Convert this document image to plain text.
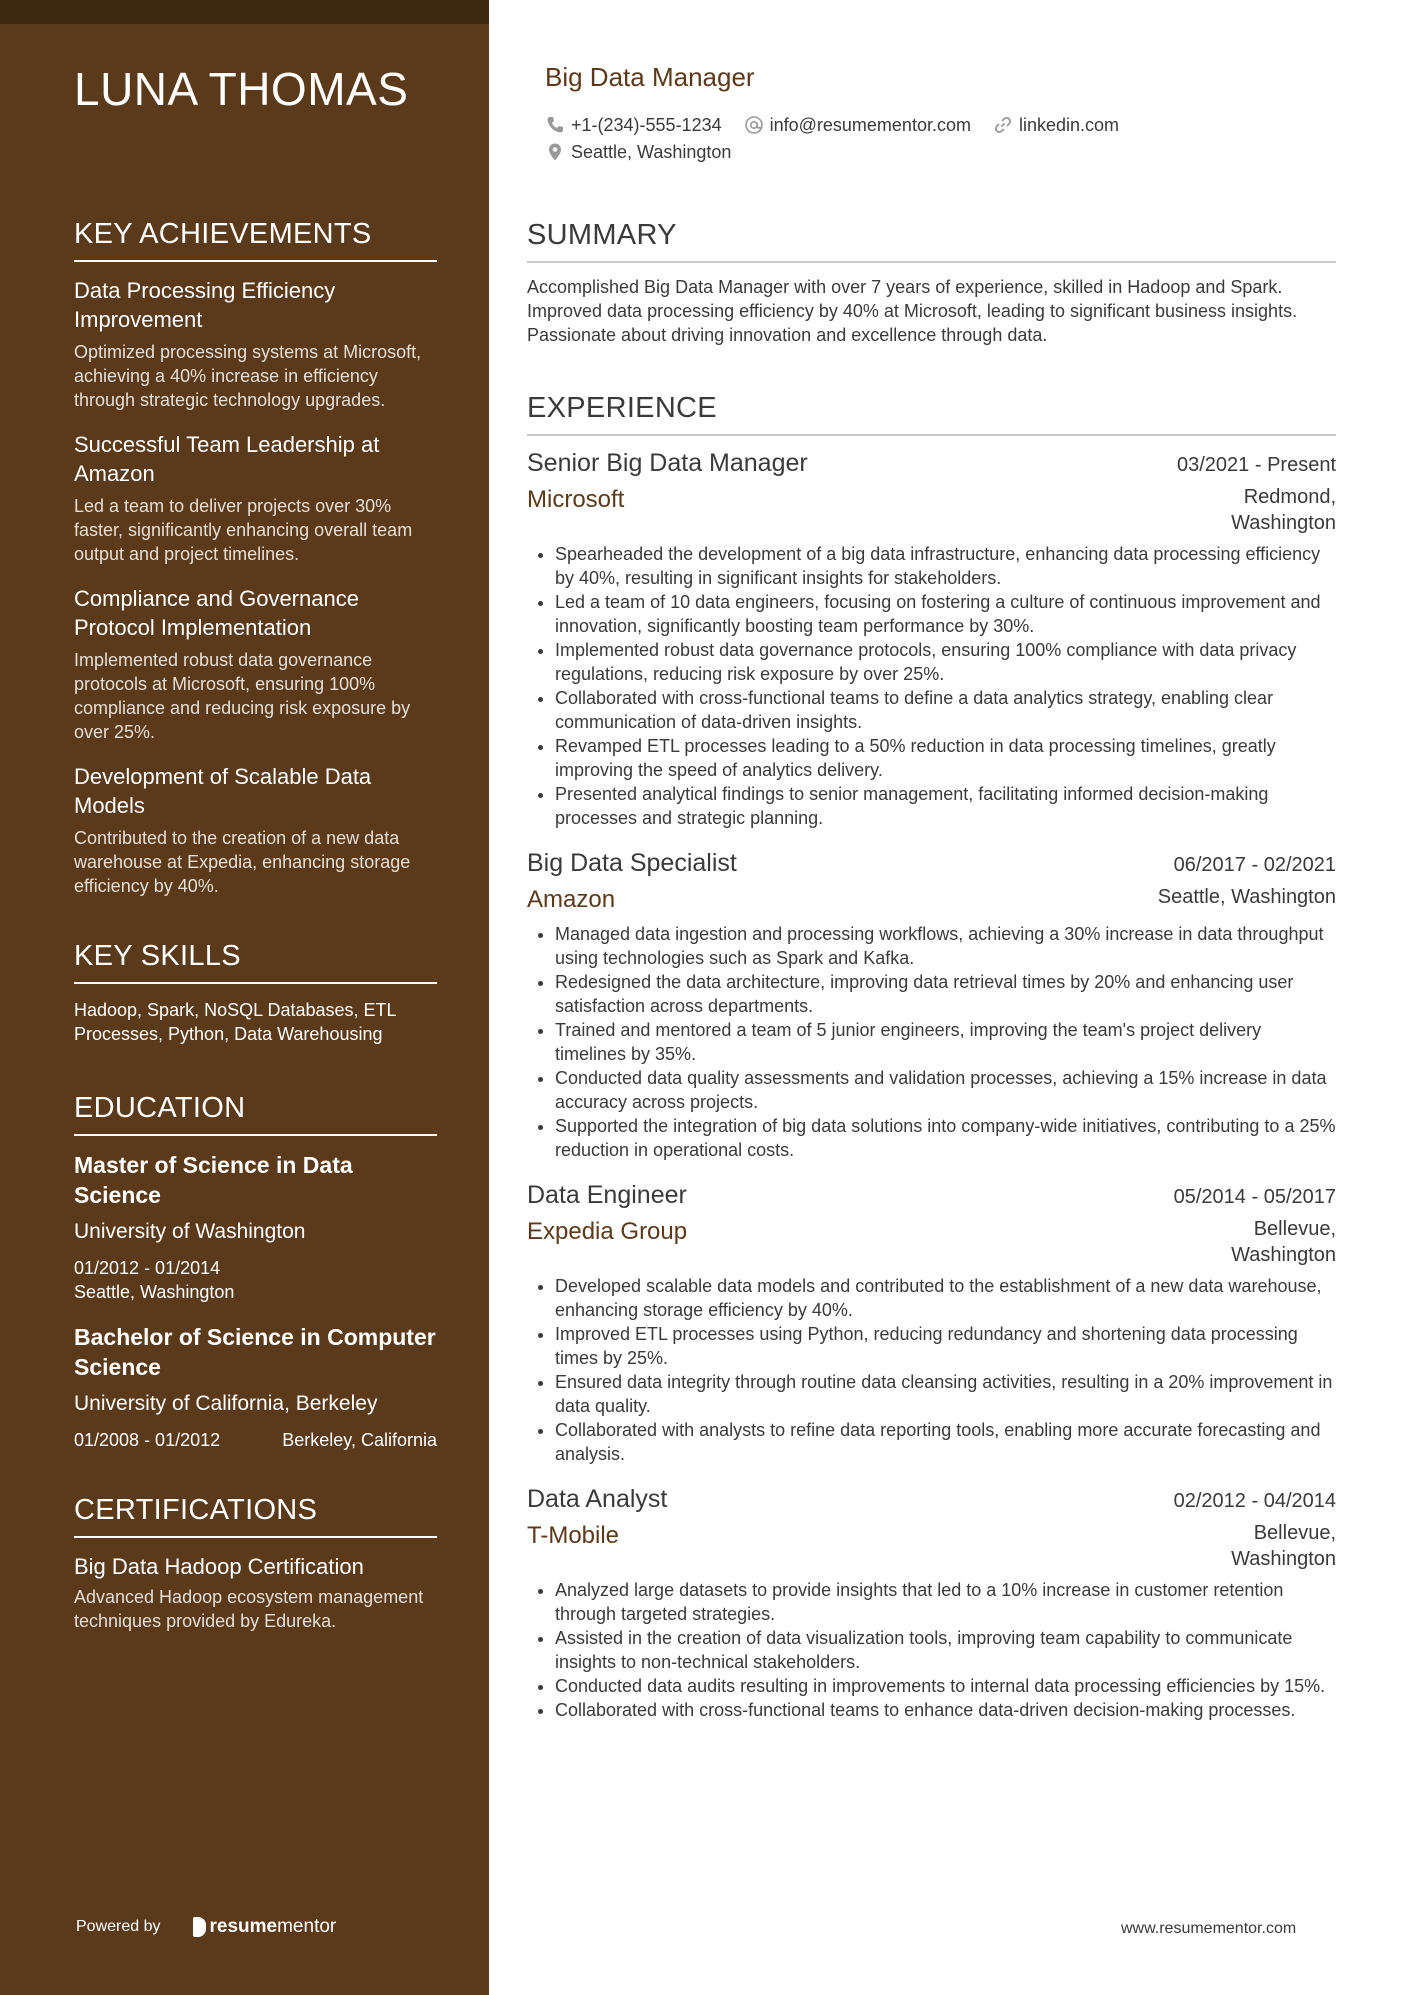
LUNA THOMAS
KEY ACHIEVEMENTS
Data Processing Efficiency Improvement
Optimized processing systems at Microsoft, achieving a 40% increase in efficiency through strategic technology upgrades.
Successful Team Leadership at Amazon
Led a team to deliver projects over 30% faster, significantly enhancing overall team output and project timelines.
Compliance and Governance Protocol Implementation
Implemented robust data governance protocols at Microsoft, ensuring 100% compliance and reducing risk exposure by over 25%.
Development of Scalable Data Models
Contributed to the creation of a new data warehouse at Expedia, enhancing storage efficiency by 40%.
KEY SKILLS
Hadoop, Spark, NoSQL Databases, ETL Processes, Python, Data Warehousing
EDUCATION
Master of Science in Data Science
University of Washington
01/2012 - 01/2014
Seattle, Washington
Bachelor of Science in Computer Science
University of California, Berkeley
01/2008 - 01/2012	Berkeley, California
CERTIFICATIONS
Big Data Hadoop Certification
Advanced Hadoop ecosystem management techniques provided by Edureka.
Powered by	resume mentor
Big Data Manager
+1-(234)-555-1234	info@resumementor.com	linkedin.com
Seattle, Washington
SUMMARY
Accomplished Big Data Manager with over 7 years of experience, skilled in Hadoop and Spark. Improved data processing efficiency by 40% at Microsoft, leading to significant business insights. Passionate about driving innovation and excellence through data.
EXPERIENCE
Senior Big Data Manager	03/2021 - Present
Microsoft	Redmond, Washington
• Spearheaded the development of a big data infrastructure, enhancing data processing efficiency by 40%, resulting in significant insights for stakeholders.
• Led a team of 10 data engineers, focusing on fostering a culture of continuous improvement and innovation, significantly boosting team performance by 30%.
• Implemented robust data governance protocols, ensuring 100% compliance with data privacy regulations, reducing risk exposure by over 25%.
• Collaborated with cross-functional teams to define a data analytics strategy, enabling clear communication of data-driven insights.
• Revamped ETL processes leading to a 50% reduction in data processing timelines, greatly improving the speed of analytics delivery.
• Presented analytical findings to senior management, facilitating informed decision-making processes and strategic planning.
Big Data Specialist	06/2017 - 02/2021
Amazon	Seattle, Washington
• Managed data ingestion and processing workflows, achieving a 30% increase in data throughput using technologies such as Spark and Kafka.
• Redesigned the data architecture, improving data retrieval times by 20% and enhancing user satisfaction across departments.
• Trained and mentored a team of 5 junior engineers, improving the team's project delivery timelines by 35%.
• Conducted data quality assessments and validation processes, achieving a 15% increase in data accuracy across projects.
• Supported the integration of big data solutions into company-wide initiatives, contributing to a 25% reduction in operational costs.
Data Engineer	05/2014 - 05/2017
Expedia Group	Bellevue, Washington
• Developed scalable data models and contributed to the establishment of a new data warehouse, enhancing storage efficiency by 40%.
• Improved ETL processes using Python, reducing redundancy and shortening data processing times by 25%.
• Ensured data integrity through routine data cleansing activities, resulting in a 20% improvement in data quality.
• Collaborated with analysts to refine data reporting tools, enabling more accurate forecasting and analysis.
Data Analyst	02/2012 - 04/2014
T-Mobile	Bellevue, Washington
• Analyzed large datasets to provide insights that led to a 10% increase in customer retention through targeted strategies.
• Assisted in the creation of data visualization tools, improving team capability to communicate insights to non-technical stakeholders.
• Conducted data audits resulting in improvements to internal data processing efficiencies by 15%.
• Collaborated with cross-functional teams to enhance data-driven decision-making processes.
www.resumementor.com
